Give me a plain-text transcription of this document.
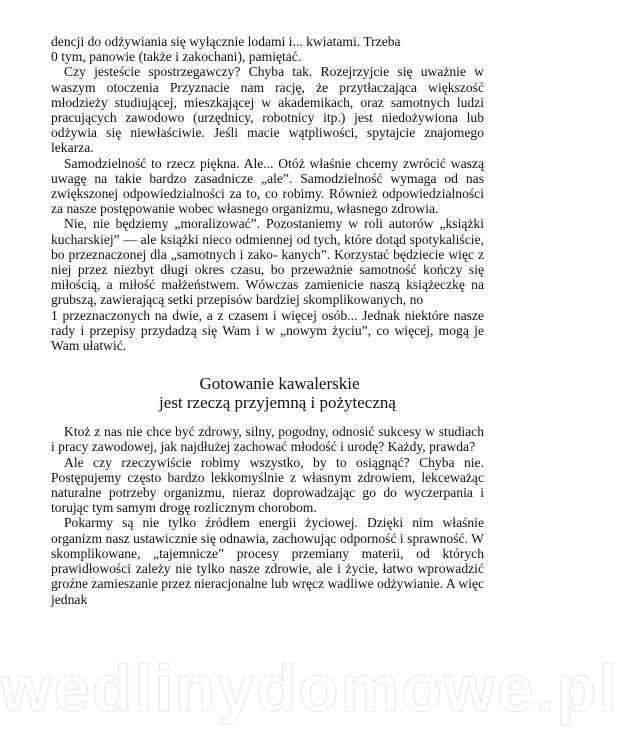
dencji do odżywiania się wyłącznie lodami i... kwiatami. Trzeba

0 tym, panowie (także i zakochani), pamiętać.

Czy jesteście spostrzegawczy? Chyba tak. Rozejrzyjcie się uważnie w waszym otoczenia Przyznacie nam rację, że przytłaczająca większość młodzieży studiującej, mieszkającej w akademikach, oraz samotnych ludzi pracujących zawodowo (urzędnicy, robotnicy itp.) jest niedożywiona lub odżywia się niewłaściwie. Jeśli macie wątpliwości, spytajcie znajomego lekarza.

Samodzielność to rzecz piękna. Ale... Otóż właśnie chcemy zwrócić waszą uwagę na takie bardzo zasadnicze „ale”. Samodzielność wymaga od nas zwiększonej odpowiedzialności za to, co robimy. Również odpowiedzialności za nasze postępowanie wobec własnego organizmu, własnego zdrowia.

Nie, nie będziemy „moralizować”. Pozostaniemy w roli autorów „książki kucharskiej” — ale książki nieco odmiennej od tych, które dotąd spotykaliście, bo przeznaczonej dla „samotnych i zako- kanych”. Korzystać będziecie więc z niej przez niezbyt długi okres czasu, bo przeważnie samotność kończy się miłością, a miłość małżeństwem. Wówczas zamienicie naszą książeczkę na grubszą, zawierającą setki przepisów bardziej skomplikowanych, no

1 przeznaczonych na dwie, a z czasem i więcej osób... Jednak niektóre nasze rady i przepisy przydadzą się Wam i w „nowym życiu”, co więcej, mogą je Wam ułatwić.

Gotowanie kawalerskie
jest rzeczą przyjemną i pożyteczną

Ktoż z nas nie chce być zdrowy, silny, pogodny, odnosić sukcesy w studiach i pracy zawodowej, jak najdłużej zachować młodość i urodę? Każdy, prawda?

Ale czy rzeczywiście robimy wszystko, by to osiągnąć? Chyba nie. Postępujemy często bardzo lekkomyślnie z własnym zdrowiem, lekceważąc naturalne potrzeby organizmu, nieraz doprowadzając go do wyczerpania i torując tym samym drogę rozlicznym chorobom.

Pokarmy są nie tylko źródłem energii życiowej. Dzięki nim właśnie organizm nasz ustawicznie się odnawia, zachowując odporność i sprawność. W skomplikowane, „tajemnicze” procesy przemiany materii, od których prawidłowości zależy nie tylko nasze zdrowie, ale i życie, łatwo wprowadzić groźne zamieszanie przez nieracjonalne lub wręcz wadliwe odżywianie. A więc jednak

wedlinydomowe.pl
